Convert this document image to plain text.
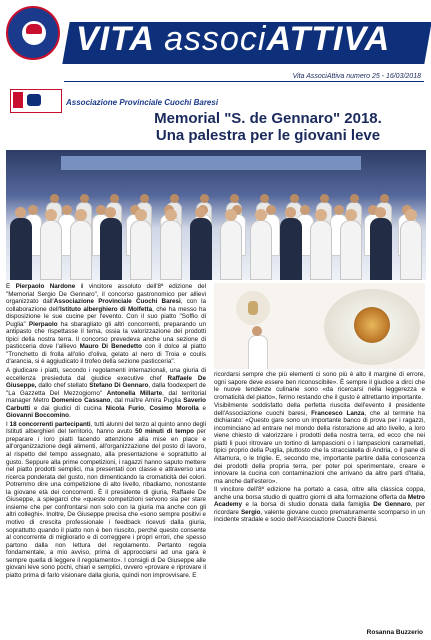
VITA associATTIVA
Vita AssociAttiva numero 25 - 16/03/2018
Associazione Provinciale Cuochi Baresi
Memorial "S. de Gennaro" 2018.
Una palestra per le giovani leve

È Pierpaolo Nardone il vincitore assoluto dell'8ª edizione del "Memorial Sergio De Gennaro", il concorso gastronomico per allievi organizzato dall'Associazione Provinciale Cuochi Baresi, con la collaborazione dell'Istituto alberghiero di Molfetta, che ha messo ha disposizione le sue cucine per l'evento. Con il suo piatto "Soffio di Puglia" Pierpaolo ha sbaragliato gli altri concorrenti, preparando un antipasto che rispettasse il tema, ossia la valorizzazione dei prodotti tipici della nostra terra. Il concorso prevedeva anche una sezione di pasticceria dove l'allievo Mauro Di Benedetto con il dolce al piatto "Tronchetto di frolla all'olio d'oliva, gelato al nero di Troia e coulis d'arancia, si è aggiudicato il trofeo della sezione pasticceria".

A giudicare i piatti, secondo i regolamenti internazionali, una giuria di eccellenza presieduta dal giudice executive chef Raffaele De Giuseppe, dallo chef stellato Stefano Di Gennaro, dalla foodexpert de "La Gazzetta Del Mezzogiorno" Antonella Millarte, dal territorial manager Metro Domenico Cassano, dal maître Amira Puglia Saverio Carbutti e dai giudici di cucina Nicola Furio, Cosimo Morolla e Giovanni Boccomino.

I 18 concorrenti partecipanti, tutti alunni del terzo al quinto anno degli Istituti alberghieri del territorio, hanno avuto 50 minuti di tempo per preparare i loro piatti facendo attenzione alla mise en place e all'organizzazione degli alimenti, all'organizzazione del posto di lavoro, al rispetto del tempo assegnato, alla presentazione e soprattutto al gusto. Seppure alla prime competizioni, i ragazzi hanno saputo mettere nel piatto prodotti semplici, ma presentati con classe e attraverso una ricerca ponderata del gusto, non dimenticando la cromaticità dei colori. Potremmo dire una competizione di alto livello, ribadiamo, nonostante la giovane età dei concorrenti. È il presidente di giuria, Raffaele De Giuseppe, a spiegarci che «queste competizioni servono sia per stare insieme che per confrontarsi non solo con la giuria ma anche con gli altri colleghi». Inoltre, De Giuseppe precisa che «sono sempre positivi e motivo di crescita professionale i feedback ricevuti dalla giuria, soprattutto quando il piatto non è ben riuscito, perché questo consente al concorrente di migliorarlo e di correggere i propri errori, che spesso partono dalla non lettura del regolamento. Pertanto regola fondamentale, a mio avviso, prima di approcciarsi ad una gara è sempre quella di leggere il regolamento». I consigli di De Giuseppe alle giovani leve sono pochi, chiari e semplici, ovvero «provare e riprovare il piatto prima di farlo visionare dalla giuria, quindi non improvvisare. E

ricordarsi sempre che più elementi ci sono più è alto il margine di errore, ogni sapore deve essere ben riconoscibile». È sempre il giudice a dirci che le nuove tendenze culinarie sono «da ricercarsi nella leggerezza e cromaticità del piatto», fermo restando che il gusto è altrettanto importante.

Visibilmente soddisfatto della perfetta riuscita dell'evento il presidente dell'Associazione cuochi baresi, Francesco Lanza, che al termine ha dichiarato: «Questo gare sono un importante banco di prova per i ragazzi, incominciano ad entrare nel mondo della ristorazione ad alto livello, a loro viene chiesto di valorizzare i prodotti della nostra terra, ed ecco che nei piatti li puoi ritrovare un tortino di lampascioni o i lampascioni caramellati, tipici proprio della Puglia, piuttosto che la stracciatella di Andria, o il pane di Altamura, o le triglie. E, secondo me, importante partire dalla conoscenza dei prodotti della propria terra, per poter poi sperimentare, creare e innovare la cucina con contaminazioni che arrivano da altre parti d'Italia, ma anche dall'estero».

Il vincitore dell'8ª edizione ha portato a casa, oltre alla classica coppa, anche una borsa studio di quattro giorni di alta formazione offerta da Metro Academy e la borsa di studio donata dalla famiglia De Gennaro, per ricordare Sergio, valente giovane cuoco prematuramente scomparso in un incidente stradale e socio dell'Associazione Cuochi Baresi.

Rosanna Buzzerio
